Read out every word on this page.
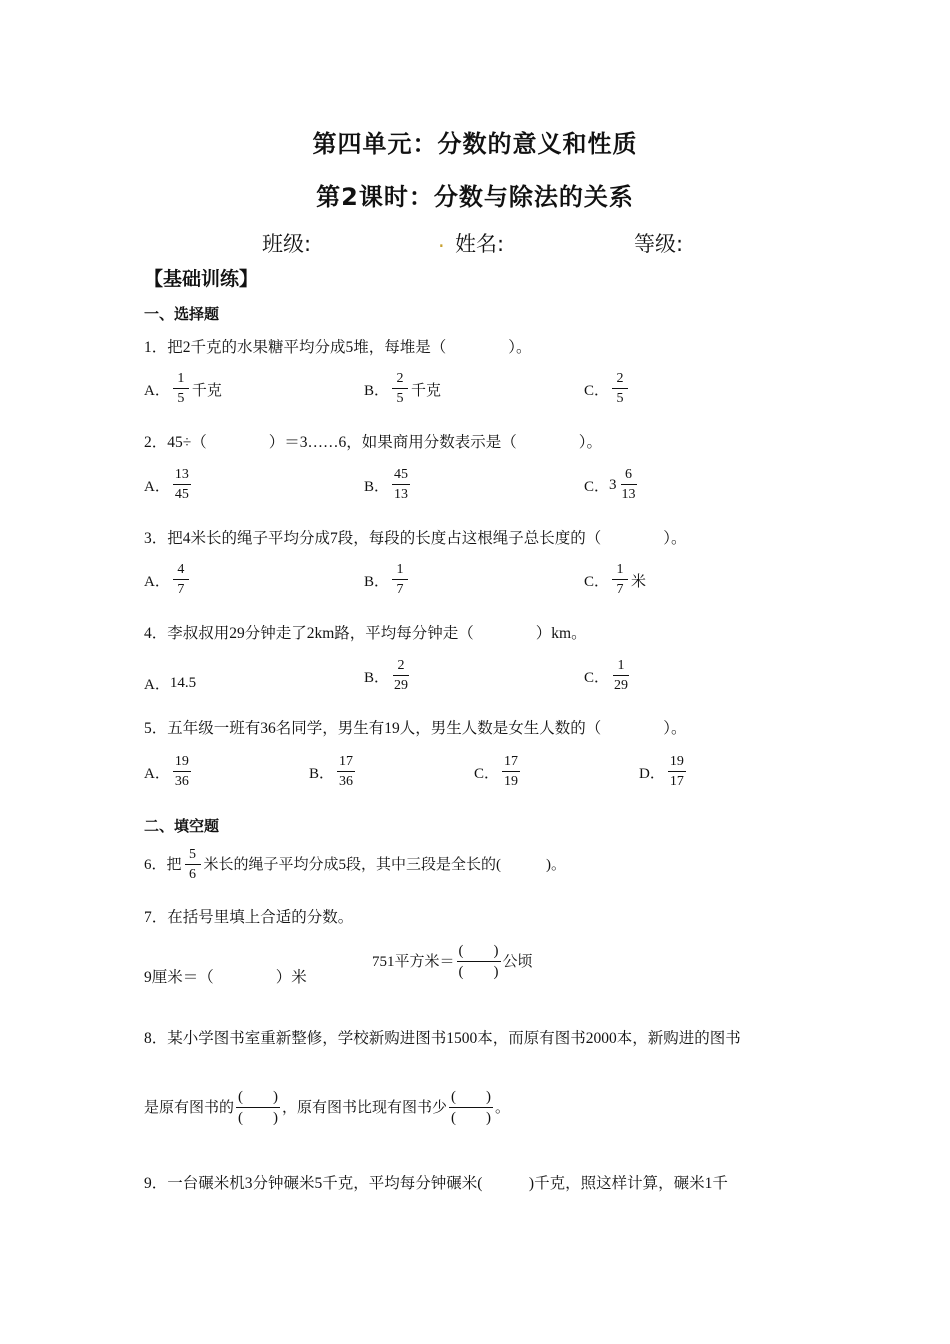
第四单元：分数的意义和性质
第2课时：分数与除法的关系
班级:	. 姓名:	等级:
【基础训练】
一、选择题
1．把2千克的水果糖平均分成5堆，每堆是（　　　　）。
A． $\frac{1}{5}$ 千克	B． $\frac{2}{5}$ 千克	C． $\frac{2}{5}$
2．45÷（　　　　）＝3……6，如果商用分数表示是（　　　　）。
A． $\frac{13}{45}$	B． $\frac{45}{13}$	C． $3 \frac{6}{13}$
3．把4米长的绳子平均分成7段，每段的长度占这根绳子总长度的（　　　　）。
A． $\frac{4}{7}$	B． $\frac{1}{7}$	C． $\frac{1}{7}$ 米
4．李叔叔用29分钟走了2km路，平均每分钟走（　　　　）km。
A． 14.5	B． $\frac{2}{29}$	C． $\frac{1}{29}$
5．五年级一班有36名同学，男生有19人，男生人数是女生人数的（　　　　）。
A． $\frac{19}{36}$	B． $\frac{17}{36}$	C． $\frac{17}{19}$	D． $\frac{19}{17}$
二、填空题
6．把 $\frac{5}{6}$ 米长的绳子平均分成5段，其中三段是全长的(　　　)。
7．在括号里填上合适的分数。
9厘米＝（　　　　）米
751平方米＝
(　　)
(　　)
公顷
8．某小学图书室重新整修，学校新购进图书1500本，而原有图书2000本，新购进的图书
是原有图书的
(　　)
(　　)
，原有图书比现有图书少
(　　)
(　　)
。
9．一台碾米机3分钟碾米5千克，平均每分钟碾米(　　　)千克，照这样计算，碾米1千
